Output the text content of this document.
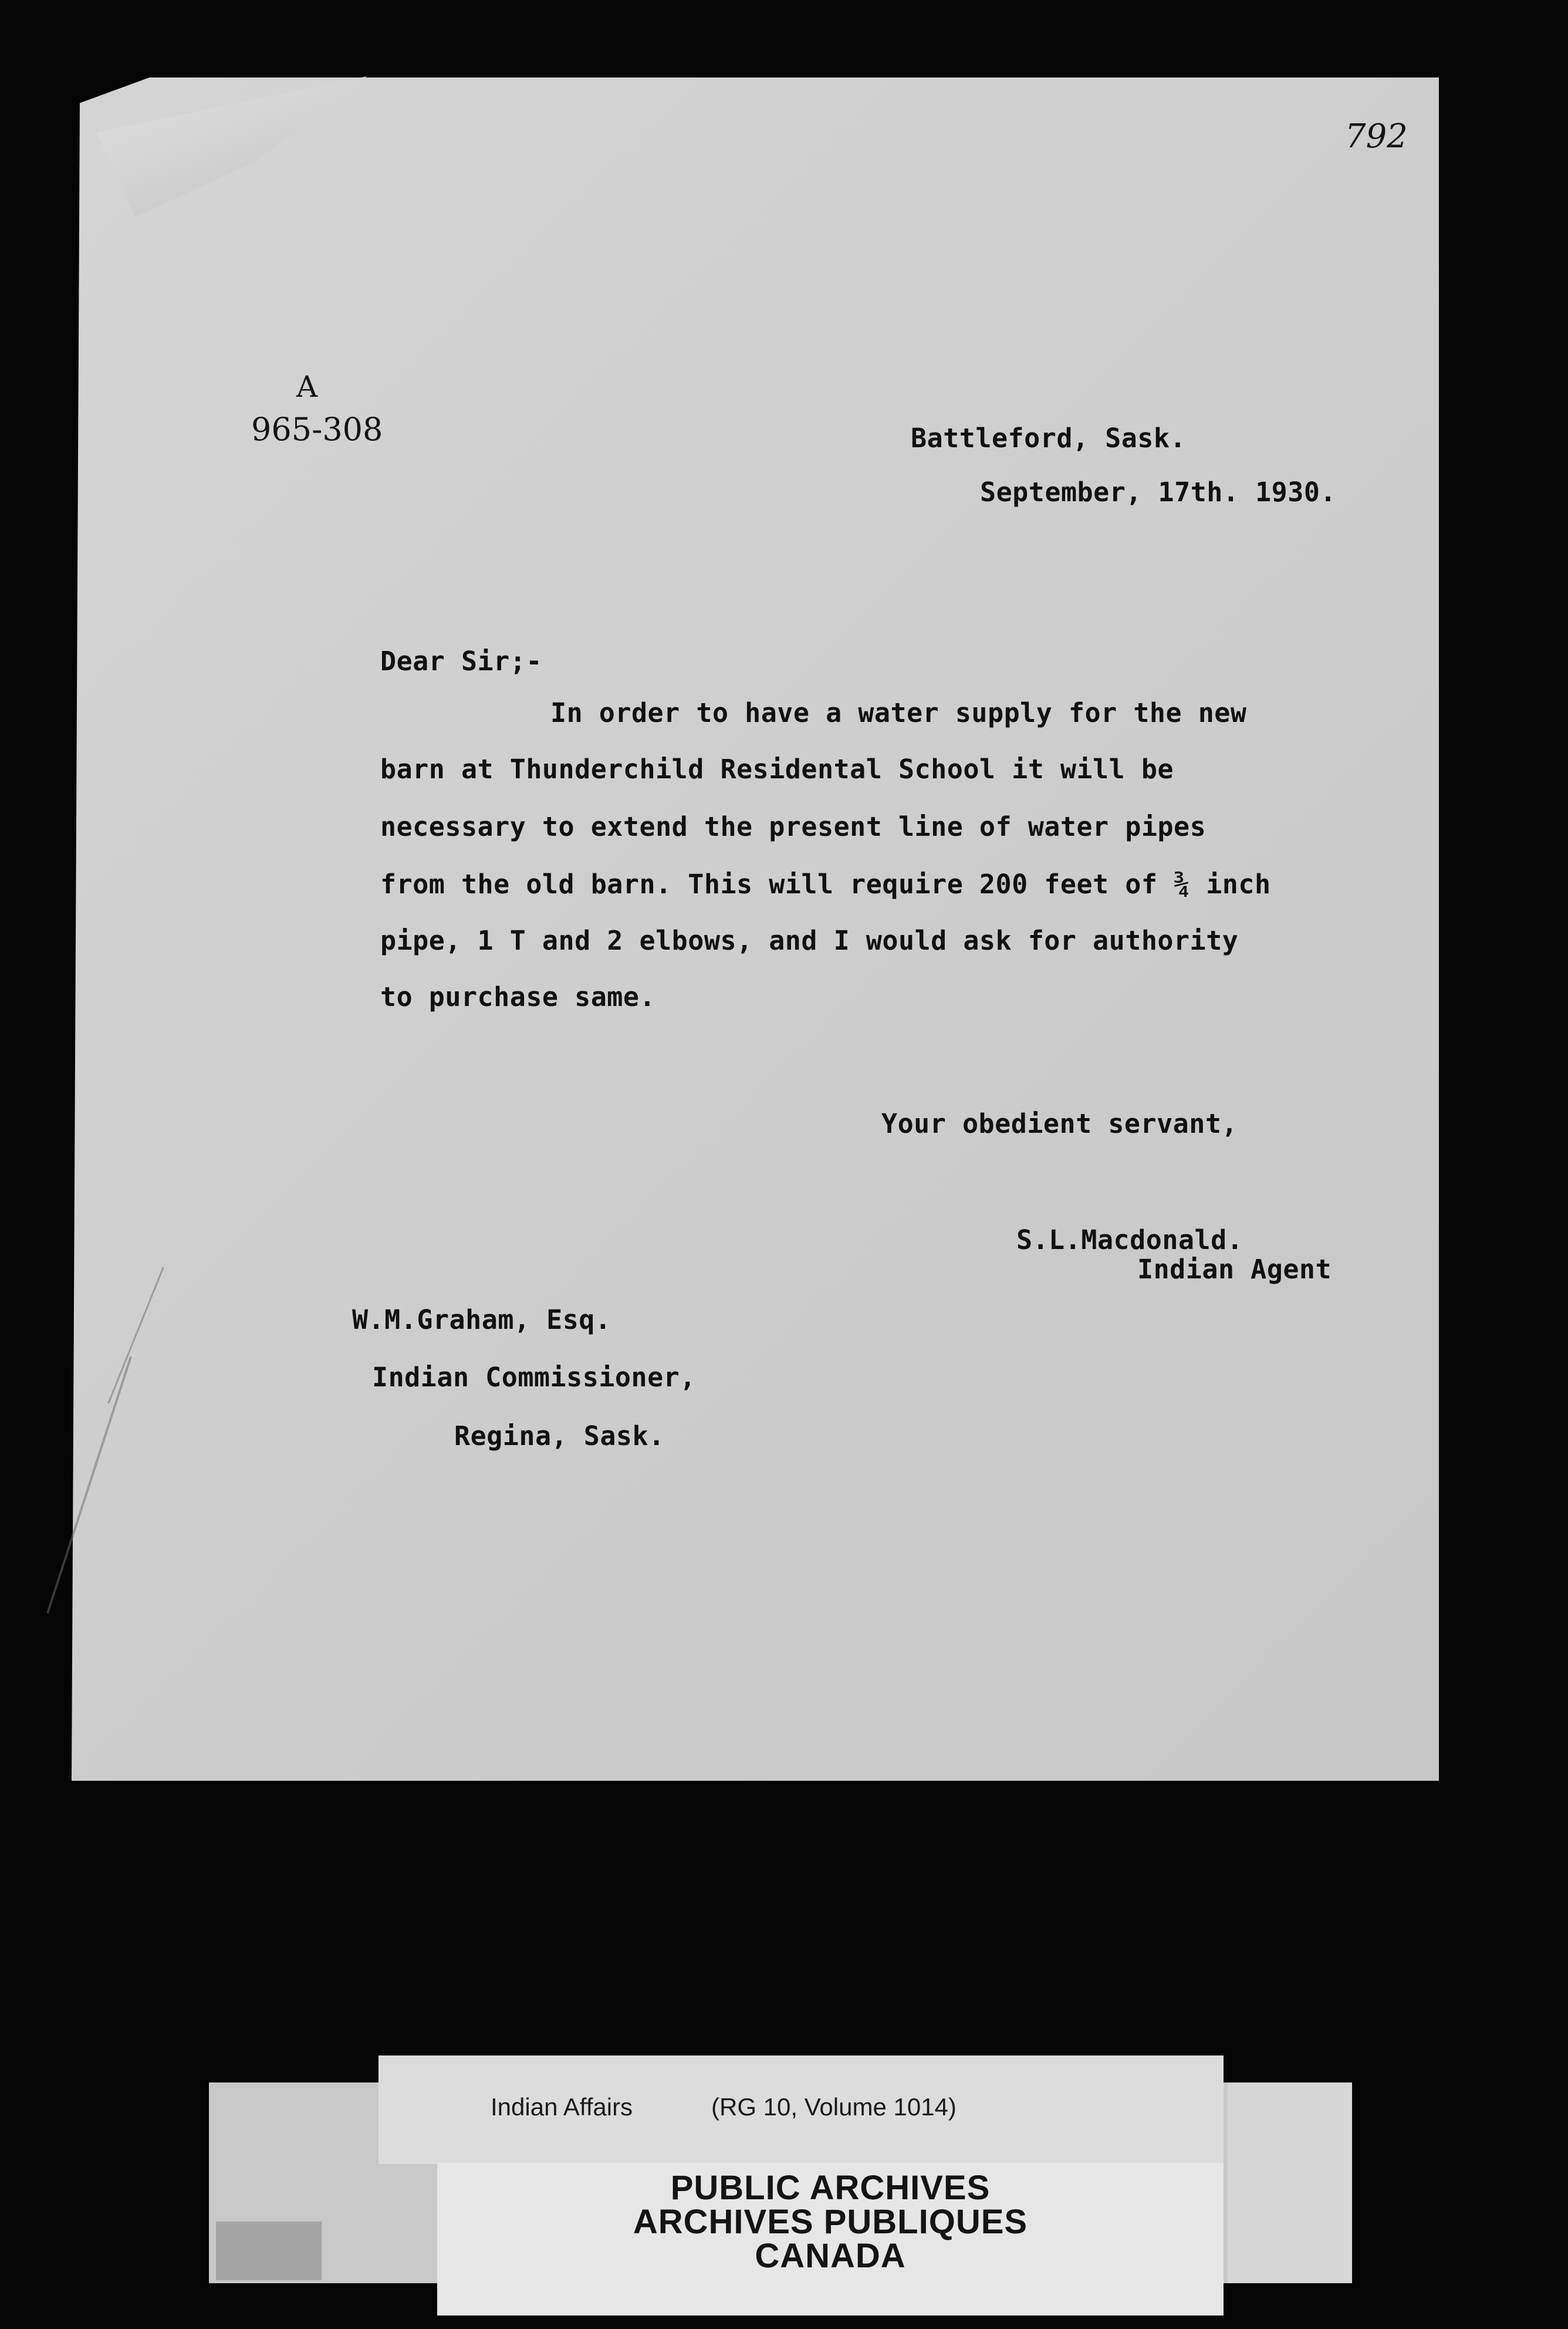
792
A
965-308	Battleford, Sask.
September, 17th. 1930.
Dear Sir;-
In order to have a water supply for the new
barn at Thunderchild Residental School it will be
necessary to extend the present line of water pipes
from the old barn. This will require 200 feet of ¾ inch
pipe, 1 T and 2 elbows, and I would ask for authority
to purchase same.
Your obedient servant,
S.L.Macdonald.
Indian Agent
W.M.Graham, Esq.
Indian Commissioner,
Regina, Sask.
Indian Affairs	(RG 10, Volume 1014)
PUBLIC ARCHIVES
ARCHIVES PUBLIQUES
CANADA
